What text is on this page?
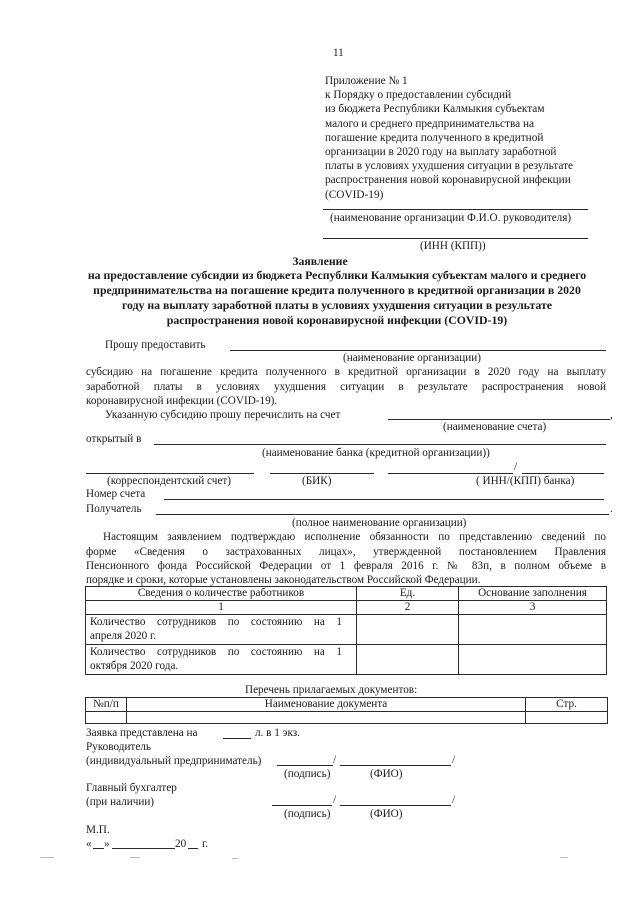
11
Приложение № 1
к Порядку о предоставлении субсидий
из бюджета Республики Калмыкия субъектам
малого и среднего предпринимательства на
погашение кредита полученного в кредитной
организации в 2020 году на выплату заработной
платы в условиях ухудшения ситуации в результате
распространения новой коронавирусной инфекции
(COVID-19)
(наименование организации Ф.И.О. руководителя)
(ИНН (КПП))
Заявление
на предоставление субсидии из бюджета Республики Калмыкия субъектам малого и среднего
предпринимательства на погашение кредита полученного в кредитной организации в 2020
году на выплату заработной платы в условиях ухудшения ситуации в результате
распространения новой коронавирусной инфекции (COVID-19)
Прошу предоставить
(наименование организации)
субсидию на погашение кредита полученного в кредитной организации в 2020 году на выплату
заработной платы в условиях ухудшения ситуации в результате распространения новой
коронавирусной инфекции (COVID-19).
Указанную субсидию прошу перечислить на счет	,
(наименование счета)
открытый в
(наименование банка (кредитной организации))
/
(корреспондентский счет)	(БИК)	( ИНН/(КПП) банка)
Номер счета
Получатель	.
(полное наименование организации)
Настоящим заявлением подтверждаю исполнение обязанности по представлению сведений по
форме «Сведения о застрахованных лицах», утвержденной постановлением Правления
Пенсионного фонда Российской Федерации от 1 февраля 2016 г. № 83п, в полном объеме в
порядке и сроки, которые установлены законодательством Российской Федерации.
Сведения о количестве работников	Ед.	Основание заполнения
1	2	3

Количество сотрудников по состоянию на 1
апреля 2020 г.		

Количество сотрудников по состоянию на 1
октября 2020 года.		

Перечень прилагаемых документов:
№п/п	Наименование документа	Стр.

Заявка представлена на	л. в 1 экз.
Руководитель
(индивидуальный предприниматель)	/	/
(подпись)	(ФИО)
Главный бухгалтер
(при наличии)	/	/
(подпись)	(ФИО)
М.П.
« »	20 г.
